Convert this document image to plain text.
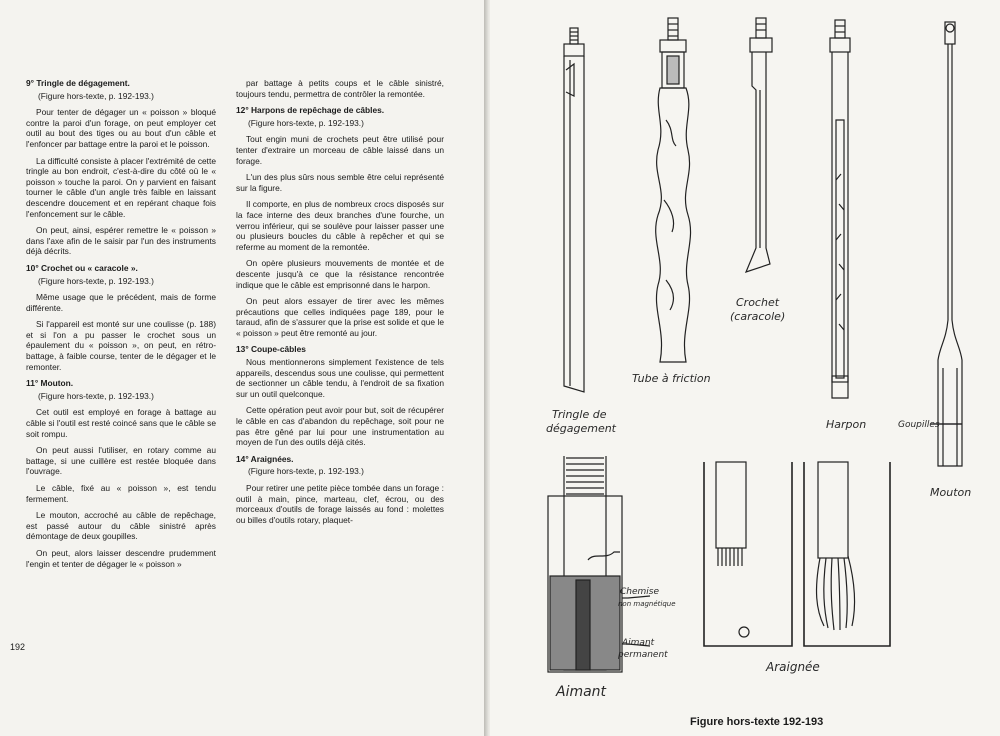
9° Tringle de dégagement.

(Figure hors-texte, p. 192-193.)

Pour tenter de dégager un « poisson » bloqué contre la paroi d'un forage, on peut employer cet outil au bout des tiges ou au bout d'un câble et l'enfoncer par battage entre la paroi et le poisson.

La difficulté consiste à placer l'extrémité de cette tringle au bon endroit, c'est-à-dire du côté où le « poisson » touche la paroi. On y parvient en faisant tourner le câble d'un angle très faible en laissant descendre doucement et en repérant chaque fois l'enfoncement sur le câble.

On peut, ainsi, espérer remettre le « poisson » dans l'axe afin de le saisir par l'un des instruments déjà décrits.

10° Crochet ou « caracole ».

(Figure hors-texte, p. 192-193.)

Même usage que le précédent, mais de forme différente.

Si l'appareil est monté sur une coulisse (p. 188) et si l'on a pu passer le crochet sous un épaulement du « poisson », on peut, en rétro-battage, à faible course, tenter de le dégager et le remonter.

11° Mouton.

(Figure hors-texte, p. 192-193.)

Cet outil est employé en forage à battage au câble si l'outil est resté coincé sans que le câble se soit rompu.

On peut aussi l'utiliser, en rotary comme au battage, si une cuillère est restée bloquée dans l'ouvrage.

Le câble, fixé au « poisson », est tendu fermement.

Le mouton, accroché au câble de repêchage, est passé autour du câble sinistré après démontage de deux goupilles.

On peut, alors laisser descendre prudemment l'engin et tenter de dégager le « poisson »

par battage à petits coups et le câble sinistré, toujours tendu, permettra de contrôler la remontée.

12° Harpons de repêchage de câbles.

(Figure hors-texte, p. 192-193.)

Tout engin muni de crochets peut être utilisé pour tenter d'extraire un morceau de câble laissé dans un forage.

L'un des plus sûrs nous semble être celui représenté sur la figure.

Il comporte, en plus de nombreux crocs disposés sur la face interne des deux branches d'une fourche, un verrou inférieur, qui se soulève pour laisser passer une ou plusieurs boucles du câble à repêcher et qui se referme au moment de la remontée.

On opère plusieurs mouvements de montée et de descente jusqu'à ce que la résistance rencontrée indique que le câble est emprisonné dans le harpon.

On peut alors essayer de tirer avec les mêmes précautions que celles indiquées page 189, pour le taraud, afin de s'assurer que la prise est solide et que le « poisson » peut être remonté au jour.

13° Coupe-câbles

Nous mentionnerons simplement l'existence de tels appareils, descendus sous une coulisse, qui permettent de sectionner un câble tendu, à l'endroit de sa fixation sur un outil quelconque.

Cette opération peut avoir pour but, soit de récupérer le câble en cas d'abandon du repêchage, soit pour ne pas être gêné par lui pour une instrumentation au moyen de l'un des outils déjà cités.

14° Araignées.

(Figure hors-texte, p. 192-193.)

Pour retirer une petite pièce tombée dans un forage : outil à main, pince, marteau, clef, écrou, ou des morceaux d'outils de forage laissés au fond : molettes ou billes d'outils rotary, plaquet-

192
Tringle de
dégagement
Tube à friction
Crochet
(caracole)
Harpon	Goupilles
Mouton
Chemise
non magnétique
Aimant
permanent
Aimant
Araignée
Figure hors-texte 192-193
